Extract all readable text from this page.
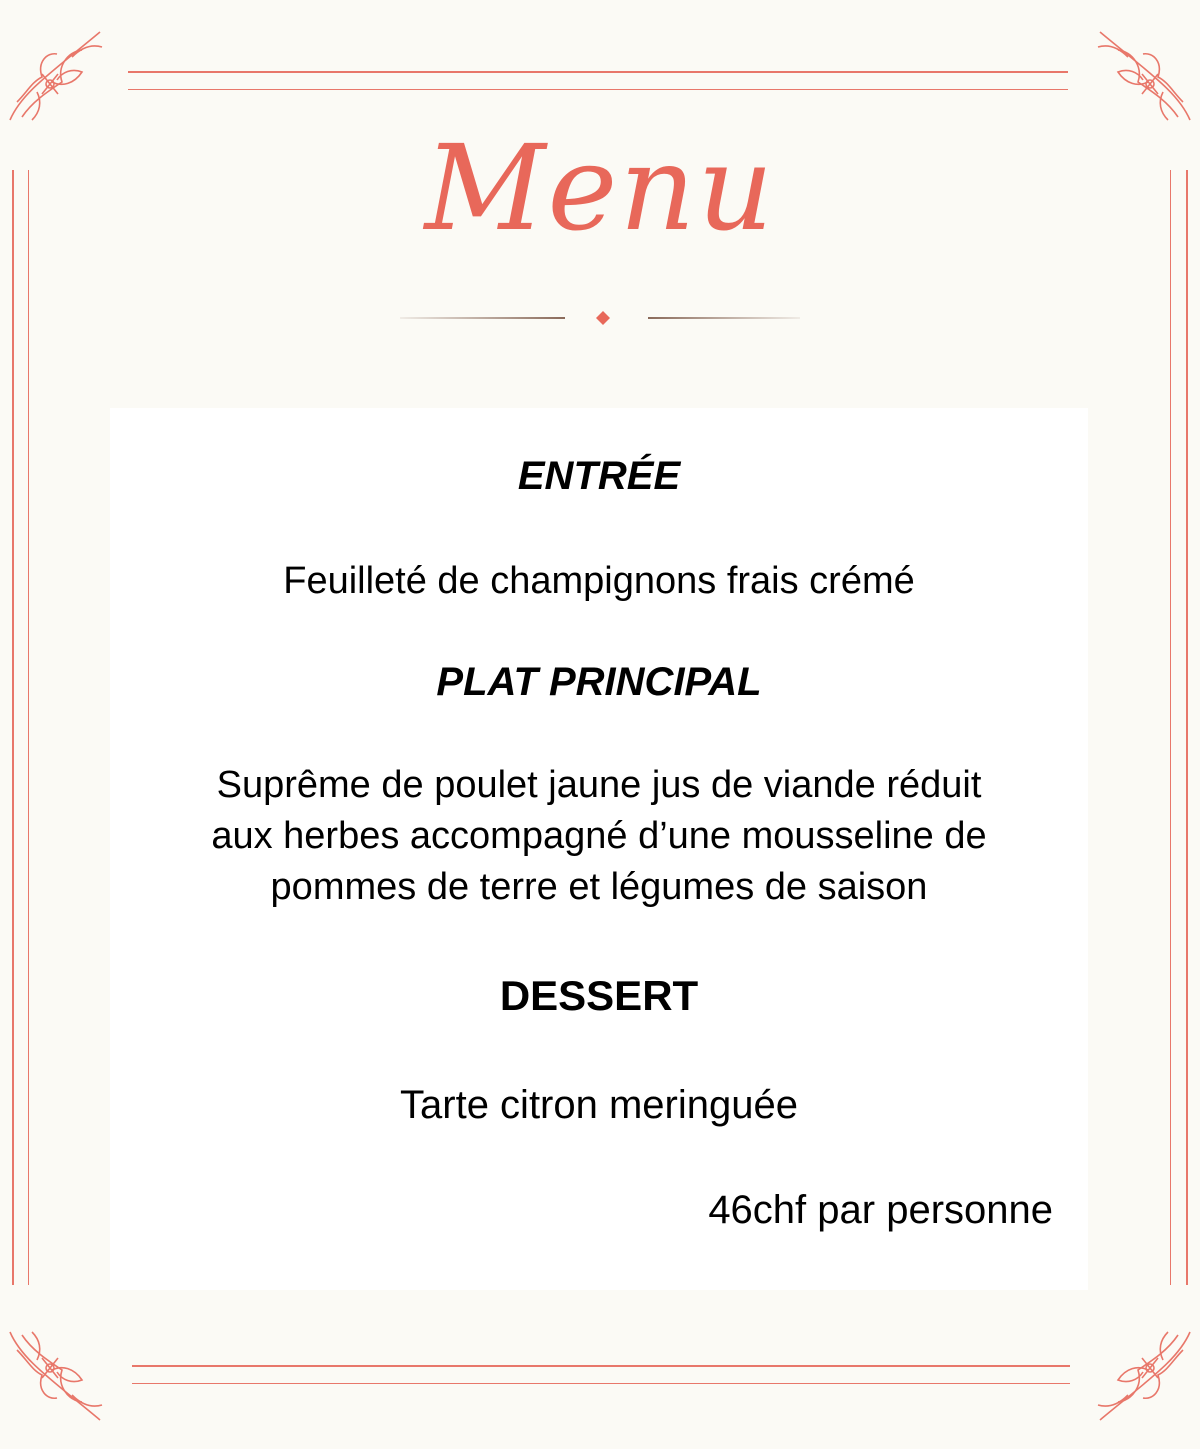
Menu
ENTRÉE
Feuilleté de champignons frais crémé
PLAT PRINCIPAL
Suprême de poulet jaune jus de viande réduit
aux herbes accompagné d’une mousseline de
pommes de terre et légumes de saison
DESSERT
Tarte citron meringuée
46chf par personne
